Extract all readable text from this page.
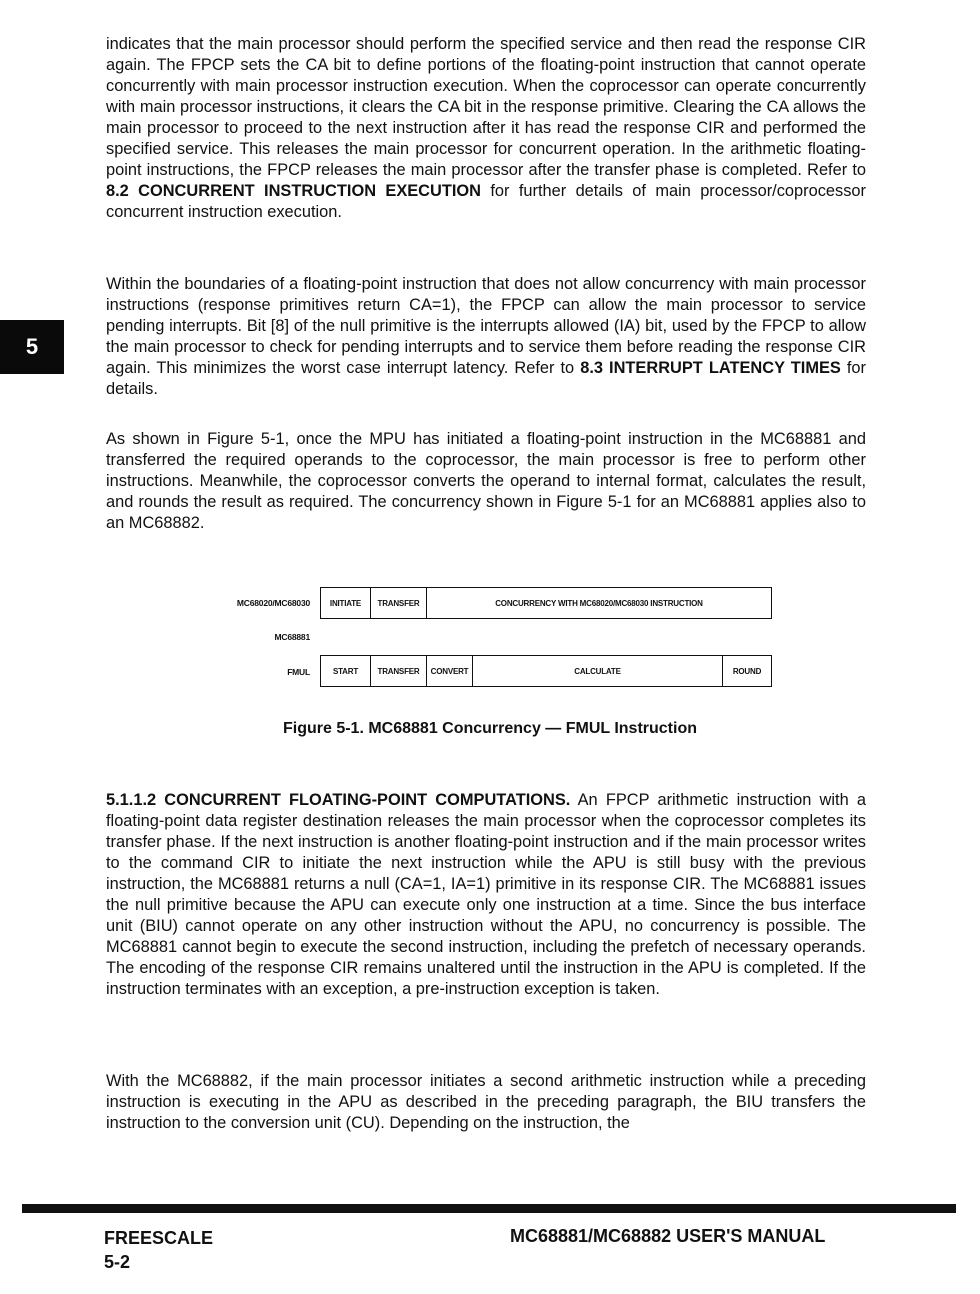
5

indicates that the main processor should perform the specified service and then read the response CIR again. The FPCP sets the CA bit to define portions of the floating-point instruction that cannot operate concurrently with main processor instruction execution. When the coprocessor can operate concurrently with main processor instructions, it clears the CA bit in the response primitive. Clearing the CA allows the main processor to proceed to the next instruction after it has read the response CIR and performed the specified service. This releases the main processor for concurrent operation. In the arithmetic floating-point instructions, the FPCP releases the main processor after the transfer phase is completed. Refer to 8.2 CONCURRENT INSTRUCTION EXECUTION for further details of main processor/coprocessor concurrent instruction execution.

Within the boundaries of a floating-point instruction that does not allow concurrency with main processor instructions (response primitives return CA=1), the FPCP can allow the main processor to service pending interrupts. Bit [8] of the null primitive is the interrupts allowed (IA) bit, used by the FPCP to allow the main processor to check for pending interrupts and to service them before reading the response CIR again. This minimizes the worst case interrupt latency. Refer to 8.3 INTERRUPT LATENCY TIMES for details.

As shown in Figure 5-1, once the MPU has initiated a floating-point instruction in the MC68881 and transferred the required operands to the coprocessor, the main processor is free to perform other instructions. Meanwhile, the coprocessor converts the operand to internal format, calculates the result, and rounds the result as required. The concurrency shown in Figure 5-1 for an MC68881 applies also to an MC68882.

MC68020/MC68030	INITIATE	TRANSFER	CONCURRENCY WITH MC68020/MC68030 INSTRUCTION
MC68881
FMUL	START	TRANSFER	CONVERT	CALCULATE	ROUND
Figure 5-1. MC68881 Concurrency — FMUL Instruction

5.1.1.2 CONCURRENT FLOATING-POINT COMPUTATIONS. An FPCP arithmetic instruction with a floating-point data register destination releases the main processor when the coprocessor completes its transfer phase. If the next instruction is another floating-point instruction and if the main processor writes to the command CIR to initiate the next instruction while the APU is still busy with the previous instruction, the MC68881 returns a null (CA=1, IA=1) primitive in its response CIR. The MC68881 issues the null primitive because the APU can execute only one instruction at a time. Since the bus interface unit (BIU) cannot operate on any other instruction without the APU, no concurrency is possible. The MC68881 cannot begin to execute the second instruction, including the prefetch of necessary operands. The encoding of the response CIR remains unaltered until the instruction in the APU is completed. If the instruction terminates with an exception, a pre-instruction exception is taken.

With the MC68882, if the main processor initiates a second arithmetic instruction while a preceding instruction is executing in the APU as described in the preceding paragraph, the BIU transfers the instruction to the conversion unit (CU). Depending on the instruction, the

FREESCALE
5-2
MC68881/MC68882 USER'S MANUAL
